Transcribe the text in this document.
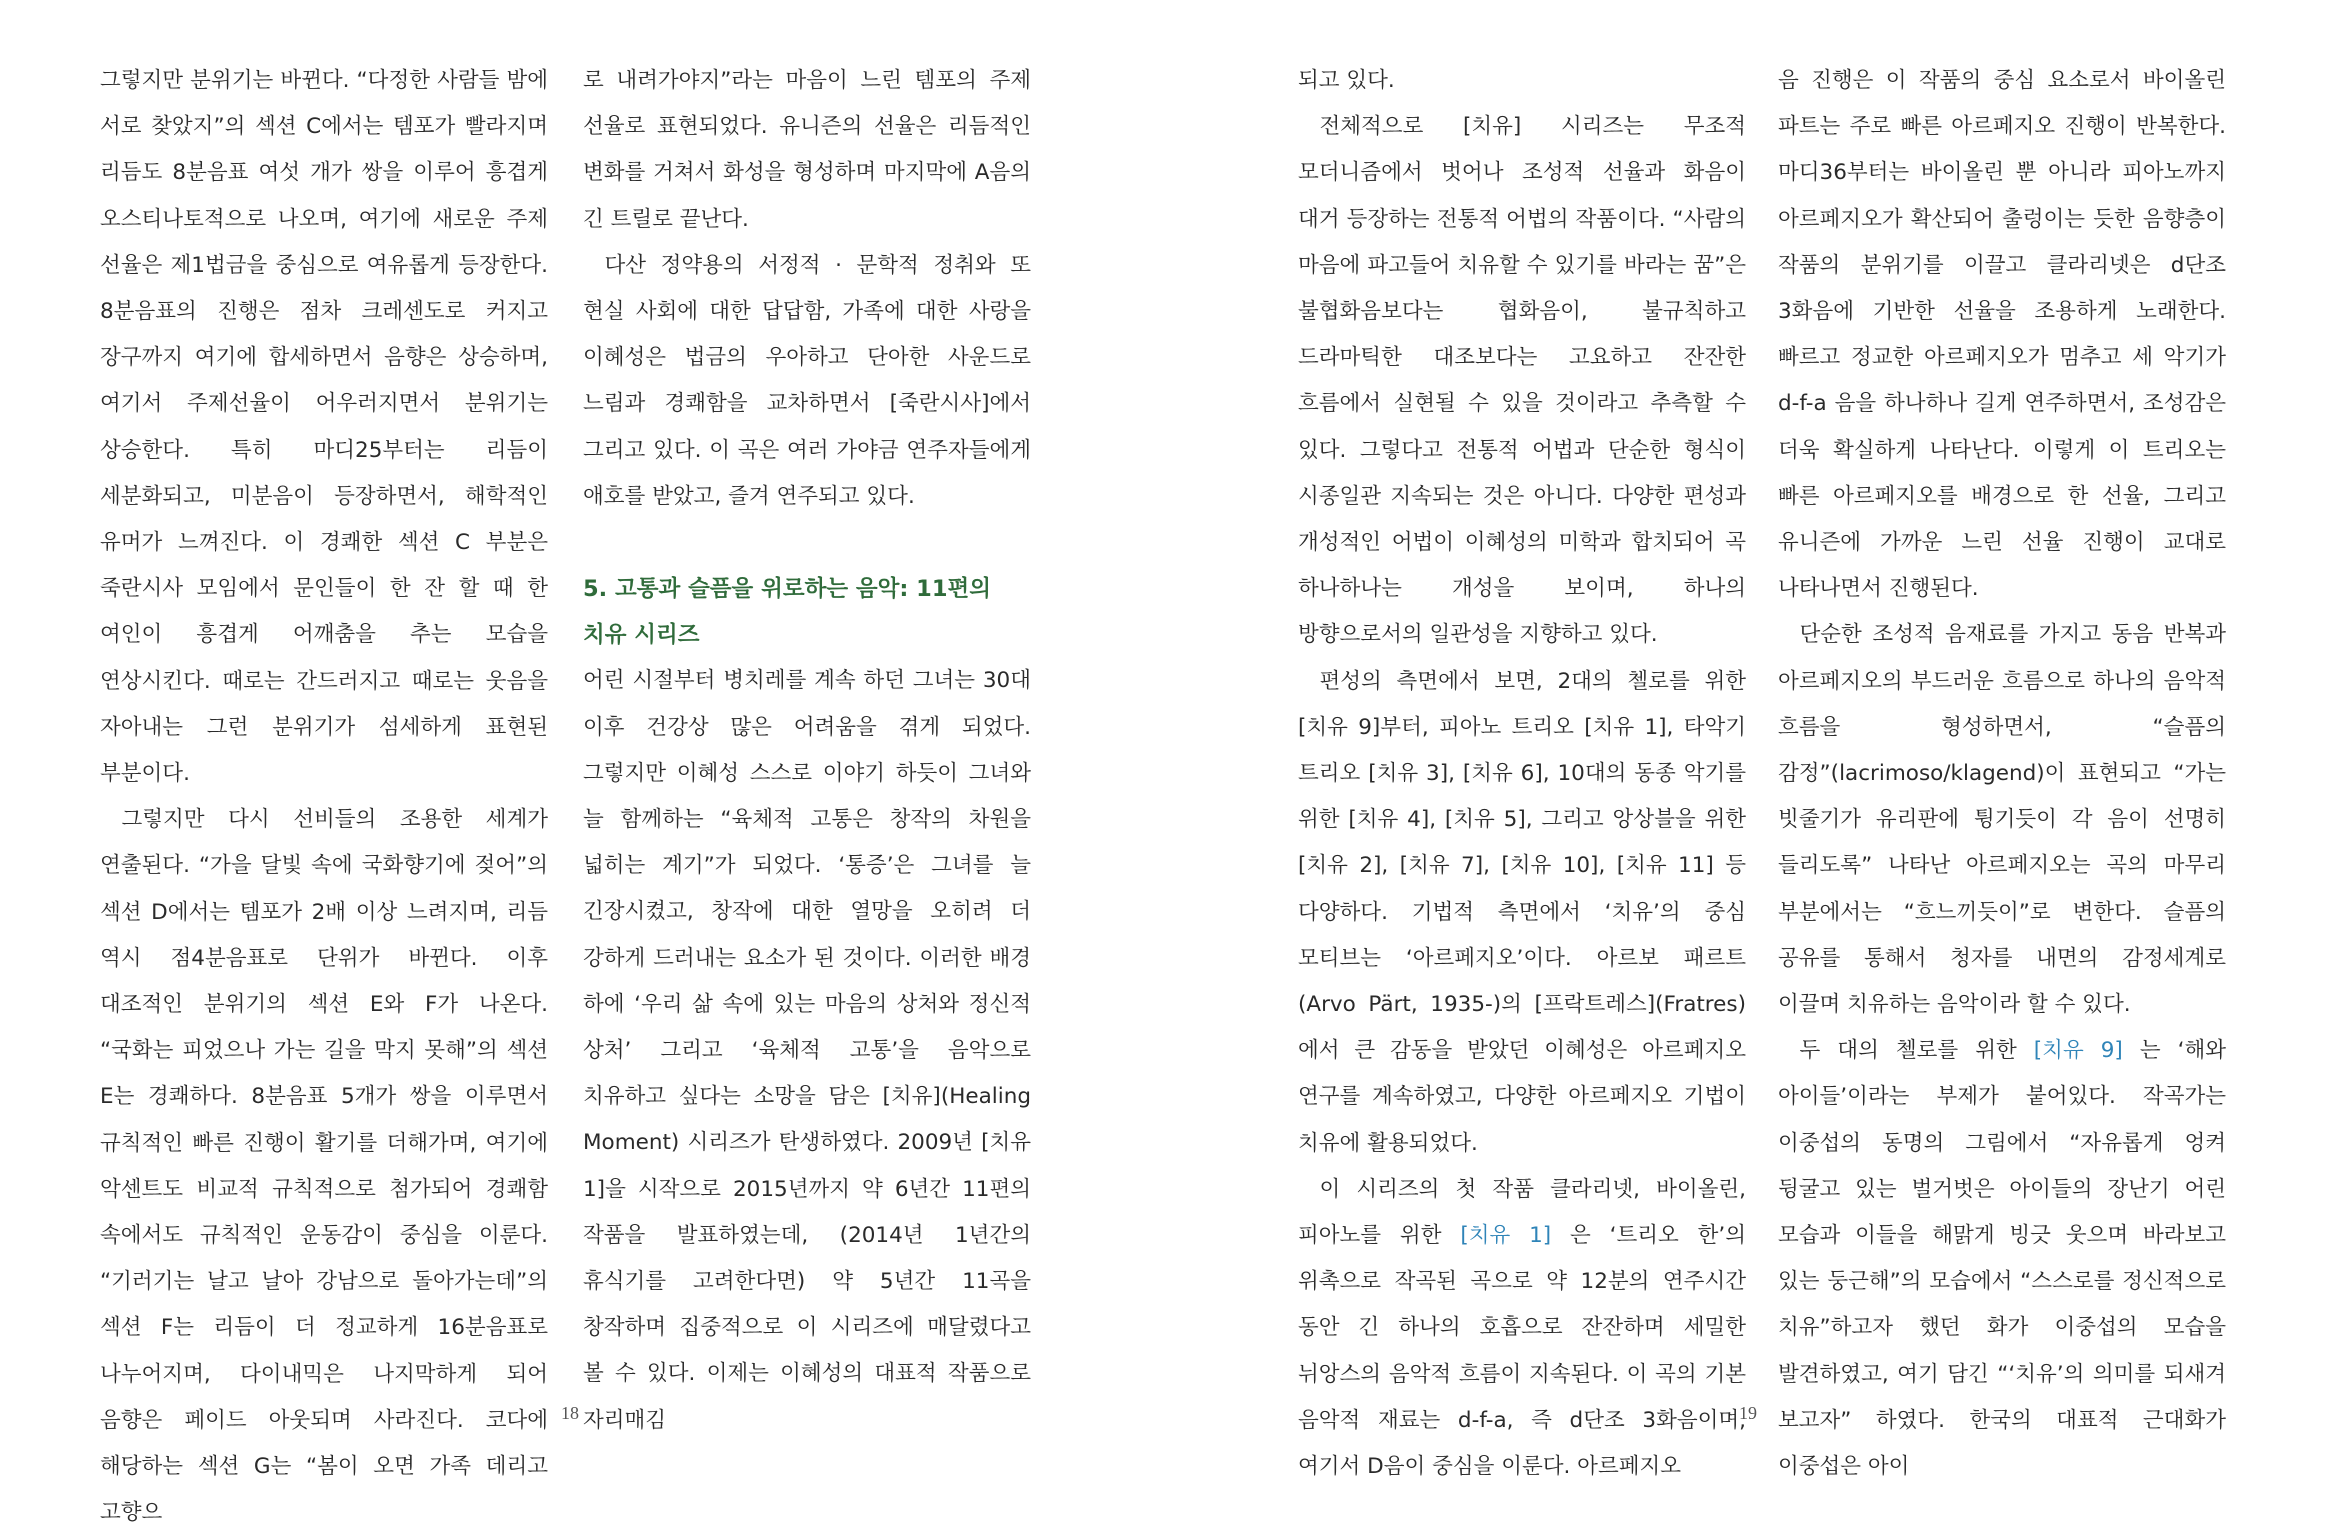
그렇지만 분위기는 바뀐다. “다정한 사람들 밤에 서로 찾았지”의 섹션 C에서는 템포가 빨라지며 리듬도 8분음표 여섯 개가 쌍을 이루어 흥겹게 오스티나토적으로 나오며, 여기에 새로운 주제 선율은 제1법금을 중심으로 여유롭게 등장한다. 8분음표의 진행은 점차 크레센도로 커지고 장구까지 여기에 합세하면서 음향은 상승하며, 여기서 주제선율이 어우러지면서 분위기는 상승한다. 특히 마디25부터는 리듬이 세분화되고, 미분음이 등장하면서, 해학적인 유머가 느껴진다. 이 경쾌한 섹션 C 부분은 죽란시사 모임에서 문인들이 한 잔 할 때 한 여인이 흥겹게 어깨춤을 추는 모습을 연상시킨다. 때로는 간드러지고 때로는 웃음을 자아내는 그런 분위기가 섬세하게 표현된 부분이다.

그렇지만 다시 선비들의 조용한 세계가 연출된다. “가을 달빛 속에 국화향기에 젖어”의 섹션 D에서는 템포가 2배 이상 느려지며, 리듬 역시 점4분음표로 단위가 바뀐다. 이후 대조적인 분위기의 섹션 E와 F가 나온다. “국화는 피었으나 가는 길을 막지 못해”의 섹션 E는 경쾌하다. 8분음표 5개가 쌍을 이루면서 규칙적인 빠른 진행이 활기를 더해가며, 여기에 악센트도 비교적 규칙적으로 첨가되어 경쾌함 속에서도 규칙적인 운동감이 중심을 이룬다. “기러기는 날고 날아 강남으로 돌아가는데”의 섹션 F는 리듬이 더 정교하게 16분음표로 나누어지며, 다이내믹은 나지막하게 되어 음향은 페이드 아웃되며 사라진다. 코다에 해당하는 섹션 G는 “봄이 오면 가족 데리고 고향으

로 내려가야지”라는 마음이 느린 템포의 주제 선율로 표현되었다. 유니즌의 선율은 리듬적인 변화를 거쳐서 화성을 형성하며 마지막에 A음의 긴 트릴로 끝난다.

다산 정약용의 서정적 · 문학적 정취와 또 현실 사회에 대한 답답함, 가족에 대한 사랑을 이혜성은 법금의 우아하고 단아한 사운드로 느림과 경쾌함을 교차하면서 [죽란시사]에서 그리고 있다. 이 곡은 여러 가야금 연주자들에게 애호를 받았고, 즐겨 연주되고 있다.

5. 고통과 슬픔을 위로하는 음악: 11편의 치유 시리즈

어린 시절부터 병치레를 계속 하던 그녀는 30대 이후 건강상 많은 어려움을 겪게 되었다. 그렇지만 이혜성 스스로 이야기 하듯이 그녀와 늘 함께하는 “육체적 고통은 창작의 차원을 넓히는 계기”가 되었다. ‘통증’은 그녀를 늘 긴장시켰고, 창작에 대한 열망을 오히려 더 강하게 드러내는 요소가 된 것이다. 이러한 배경 하에 ‘우리 삶 속에 있는 마음의 상처와 정신적 상처’ 그리고 ‘육체적 고통’을 음악으로 치유하고 싶다는 소망을 담은 [치유](Healing Moment) 시리즈가 탄생하였다. 2009년 [치유 1]을 시작으로 2015년까지 약 6년간 11편의 작품을 발표하였는데, (2014년 1년간의 휴식기를 고려한다면) 약 5년간 11곡을 창작하며 집중적으로 이 시리즈에 매달렸다고 볼 수 있다. 이제는 이혜성의 대표적 작품으로 자리매김

18

되고 있다.

전체적으로 [치유] 시리즈는 무조적 모더니즘에서 벗어나 조성적 선율과 화음이 대거 등장하는 전통적 어법의 작품이다. “사람의 마음에 파고들어 치유할 수 있기를 바라는 꿈”은 불협화음보다는 협화음이, 불규칙하고 드라마틱한 대조보다는 고요하고 잔잔한 흐름에서 실현될 수 있을 것이라고 추측할 수 있다. 그렇다고 전통적 어법과 단순한 형식이 시종일관 지속되는 것은 아니다. 다양한 편성과 개성적인 어법이 이혜성의 미학과 합치되어 곡 하나하나는 개성을 보이며, 하나의 방향으로서의 일관성을 지향하고 있다.

편성의 측면에서 보면, 2대의 첼로를 위한 [치유 9]부터, 피아노 트리오 [치유 1], 타악기 트리오 [치유 3], [치유 6], 10대의 동종 악기를 위한 [치유 4], [치유 5], 그리고 앙상블을 위한 [치유 2], [치유 7], [치유 10], [치유 11] 등 다양하다. 기법적 측면에서 ‘치유’의 중심 모티브는 ‘아르페지오’이다. 아르보 패르트(Arvo Pärt, 1935-)의 [프락트레스](Fratres)에서 큰 감동을 받았던 이혜성은 아르페지오 연구를 계속하였고, 다양한 아르페지오 기법이 치유에 활용되었다.

이 시리즈의 첫 작품 클라리넷, 바이올린, 피아노를 위한 [치유 1] 은 ‘트리오 한’의 위촉으로 작곡된 곡으로 약 12분의 연주시간 동안 긴 하나의 호흡으로 잔잔하며 세밀한 뉘앙스의 음악적 흐름이 지속된다. 이 곡의 기본 음악적 재료는 d-f-a, 즉 d단조 3화음이며, 여기서 D음이 중심을 이룬다. 아르페지오

음 진행은 이 작품의 중심 요소로서 바이올린 파트는 주로 빠른 아르페지오 진행이 반복한다. 마디36부터는 바이올린 뿐 아니라 피아노까지 아르페지오가 확산되어 출렁이는 듯한 음향층이 작품의 분위기를 이끌고 클라리넷은 d단조 3화음에 기반한 선율을 조용하게 노래한다. 빠르고 정교한 아르페지오가 멈추고 세 악기가 d-f-a 음을 하나하나 길게 연주하면서, 조성감은 더욱 확실하게 나타난다. 이렇게 이 트리오는 빠른 아르페지오를 배경으로 한 선율, 그리고 유니즌에 가까운 느린 선율 진행이 교대로 나타나면서 진행된다.

단순한 조성적 음재료를 가지고 동음 반복과 아르페지오의 부드러운 흐름으로 하나의 음악적 흐름을 형성하면서, “슬픔의 감정”(lacrimoso/klagend)이 표현되고 “가는 빗줄기가 유리판에 튕기듯이 각 음이 선명히 들리도록” 나타난 아르페지오는 곡의 마무리 부분에서는 “흐느끼듯이”로 변한다. 슬픔의 공유를 통해서 청자를 내면의 감정세계로 이끌며 치유하는 음악이라 할 수 있다.

두 대의 첼로를 위한 [치유 9] 는 ‘해와 아이들’이라는 부제가 붙어있다. 작곡가는 이중섭의 동명의 그림에서 “자유롭게 엉켜 뒹굴고 있는 벌거벗은 아이들의 장난기 어린 모습과 이들을 해맑게 빙긋 웃으며 바라보고 있는 둥근해”의 모습에서 “스스로를 정신적으로 치유”하고자 했던 화가 이중섭의 모습을 발견하였고, 여기 담긴 “‘치유’의 의미를 되새겨 보고자” 하였다. 한국의 대표적 근대화가 이중섭은 아이

19
